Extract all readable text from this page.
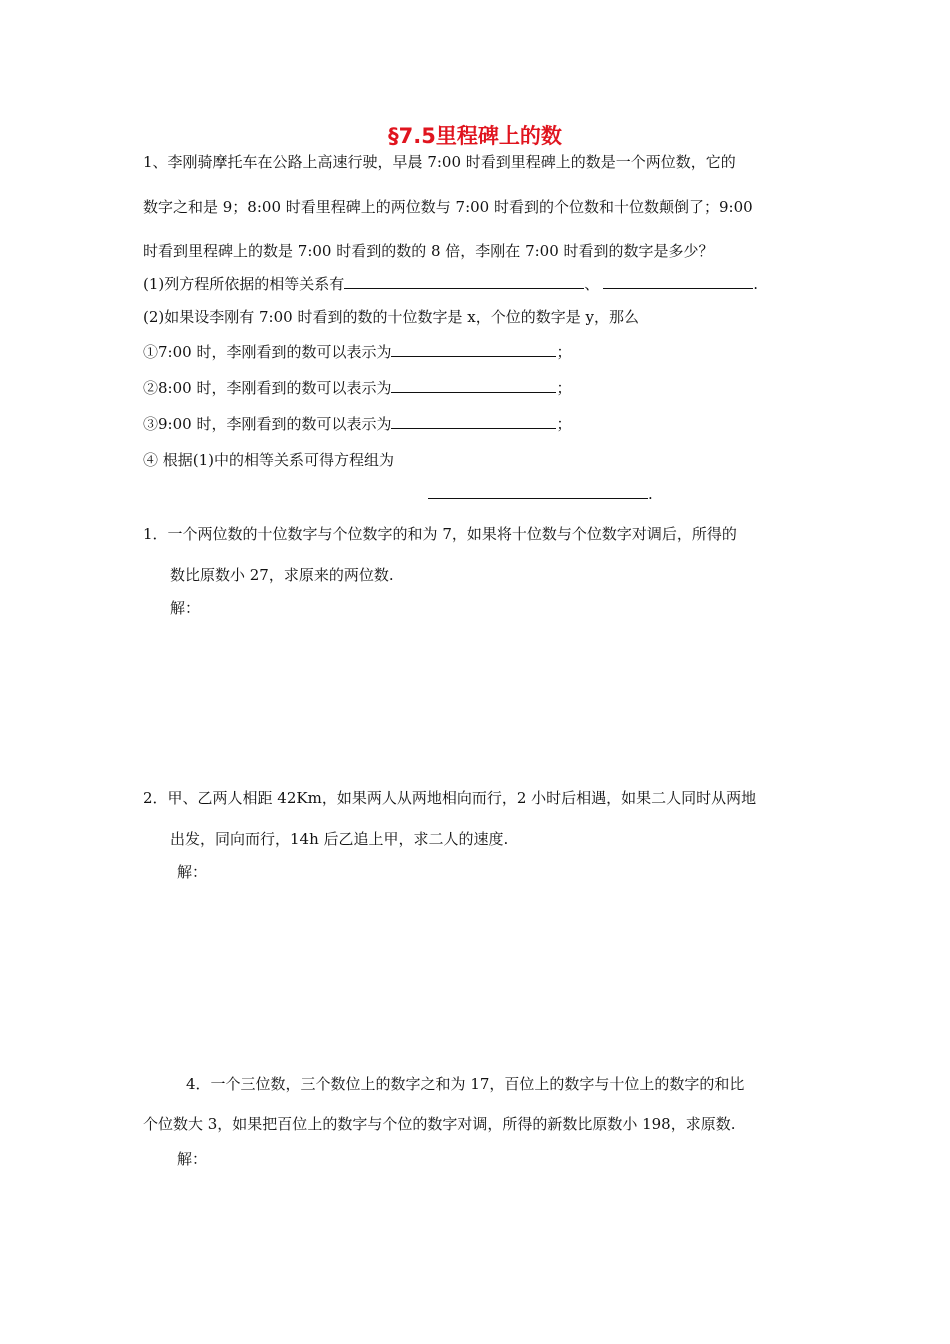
§7.5里程碑上的数
1、李刚骑摩托车在公路上高速行驶，早晨 7:00 时看到里程碑上的数是一个两位数，它的
数字之和是 9；8:00 时看里程碑上的两位数与 7:00 时看到的个位数和十位数颠倒了；9:00
时看到里程碑上的数是 7:00 时看到的数的 8 倍，李刚在 7:00 时看到的数字是多少？
(1)列方程所依据的相等关系有	、	.
(2)如果设李刚有 7:00 时看到的数的十位数字是 x，个位的数字是 y，那么
①7:00 时，李刚看到的数可以表示为	；
②8:00 时，李刚看到的数可以表示为	；
③9:00 时，李刚看到的数可以表示为	；
④ 根据(1)中的相等关系可得方程组为
.
1．一个两位数的十位数字与个位数字的和为 7，如果将十位数与个位数字对调后，所得的
数比原数小 27，求原来的两位数.
解：
2．甲、乙两人相距 42Km，如果两人从两地相向而行，2 小时后相遇，如果二人同时从两地
出发，同向而行，14h 后乙追上甲，求二人的速度.
解：
4．一个三位数，三个数位上的数字之和为 17，百位上的数字与十位上的数字的和比
个位数大 3，如果把百位上的数字与个位的数字对调，所得的新数比原数小 198，求原数.
解：
